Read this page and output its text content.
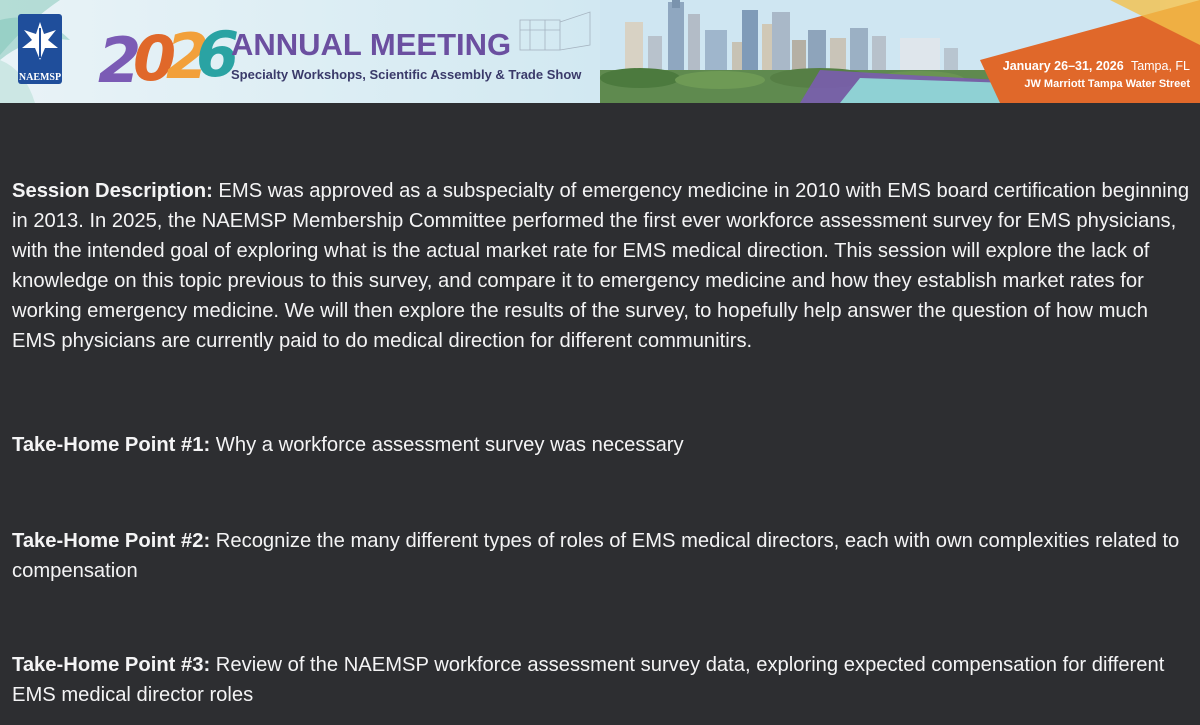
NAEMSP 2
0
2
6
ANNUAL MEETING
Specialty Workshops, Scientific Assembly & Trade Show
January 26–31, 2026 Tampa, FL
JW Marriott Tampa Water Street

Session Description: EMS was approved as a subspecialty of emergency medicine in 2010 with EMS board certification beginning in 2013. In 2025, the NAEMSP Membership Committee performed the first ever workforce assessment survey for EMS physicians, with the intended goal of exploring what is the actual market rate for EMS medical direction. This session will explore the lack of knowledge on this topic previous to this survey, and compare it to emergency medicine and how they establish market rates for working emergency medicine. We will then explore the results of the survey, to hopefully help answer the question of how much EMS physicians are currently paid to do medical direction for different communitirs.

Take-Home Point #1: Why a workforce assessment survey was necessary
Take-Home Point #2: Recognize the many different types of roles of EMS medical directors, each with own complexities related to compensation
Take-Home Point #3: Review of the NAEMSP workforce assessment survey data, exploring expected compensation for different EMS medical director roles
